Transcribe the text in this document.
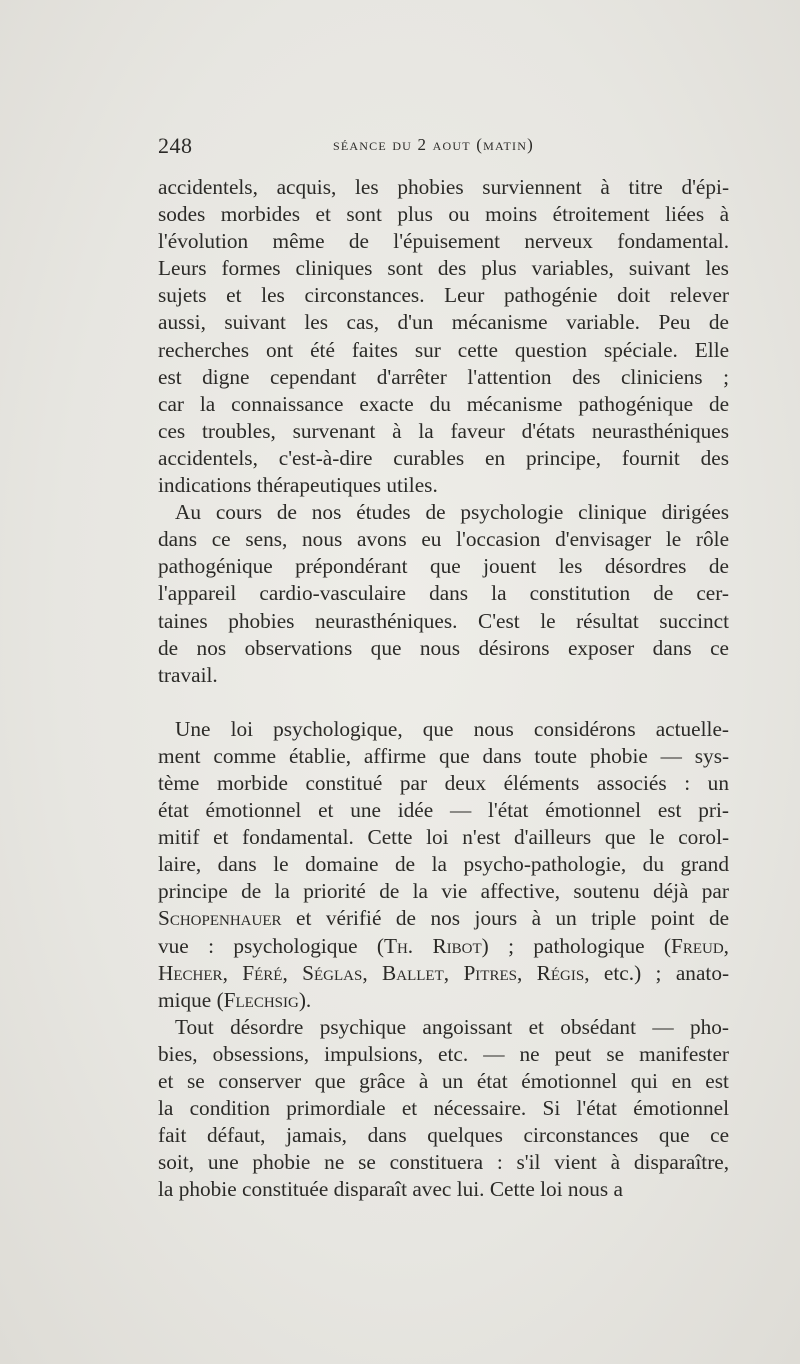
248	séance du 2 aout (matin)
accidentels, acquis, les phobies surviennent à titre d'épi-
sodes morbides et sont plus ou moins étroitement liées à
l'évolution même de l'épuisement nerveux fondamental.
Leurs formes cliniques sont des plus variables, suivant les
sujets et les circonstances. Leur pathogénie doit relever
aussi, suivant les cas, d'un mécanisme variable. Peu de
recherches ont été faites sur cette question spéciale. Elle
est digne cependant d'arrêter l'attention des cliniciens ;
car la connaissance exacte du mécanisme pathogénique de
ces troubles, survenant à la faveur d'états neurasthéniques
accidentels, c'est-à-dire curables en principe, fournit des
indications thérapeutiques utiles.
Au cours de nos études de psychologie clinique dirigées
dans ce sens, nous avons eu l'occasion d'envisager le rôle
pathogénique prépondérant que jouent les désordres de
l'appareil cardio-vasculaire dans la constitution de cer-
taines phobies neurasthéniques. C'est le résultat succinct
de nos observations que nous désirons exposer dans ce
travail.
Une loi psychologique, que nous considérons actuelle-
ment comme établie, affirme que dans toute phobie — sys-
tème morbide constitué par deux éléments associés : un
état émotionnel et une idée — l'état émotionnel est pri-
mitif et fondamental. Cette loi n'est d'ailleurs que le corol-
laire, dans le domaine de la psycho-pathologie, du grand
principe de la priorité de la vie affective, soutenu déjà par
Schopenhauer et vérifié de nos jours à un triple point de
vue : psychologique (Th. Ribot) ; pathologique (Freud,
Hecher, Féré, Séglas, Ballet, Pitres, Régis, etc.) ; anato-
mique (Flechsig).
Tout désordre psychique angoissant et obsédant — pho-
bies, obsessions, impulsions, etc. — ne peut se manifester
et se conserver que grâce à un état émotionnel qui en est
la condition primordiale et nécessaire. Si l'état émotionnel
fait défaut, jamais, dans quelques circonstances que ce
soit, une phobie ne se constituera : s'il vient à disparaître,
la phobie constituée disparaît avec lui. Cette loi nous a
